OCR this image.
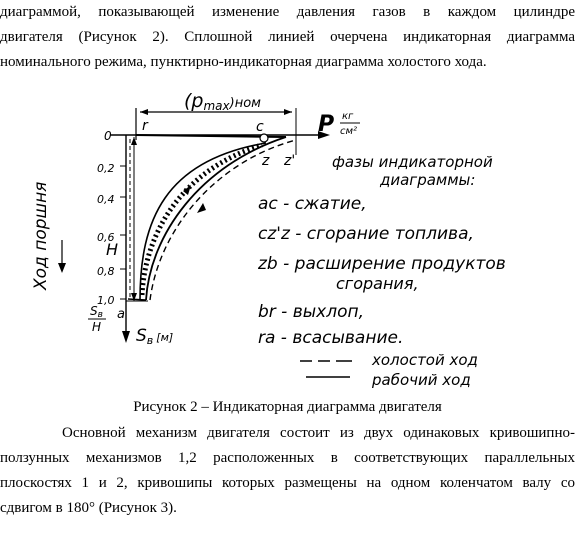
диаграммой, показывающей изменение давления газов в каждом цилиндре
двигателя (Рисунок 2). Сплошной линией очерчена индикаторная диаграмма
номинального режима, пунктирно-индикаторная диаграмма холостого хода.

(pmax)ном
P кг
см²
Sв [м]
Sв
H
0
0,2
0,4
0,6
0,8
1,0
Ход поршня	H
r	c
z z'
a
фазы индикаторной
диаграммы:
ac - сжатие,
cz'z - сгорание топлива,
zb - расширение продуктов
сгорания,
br - выхлоп,
ra - всасывание.
холостой ход
рабочий ход
Рисунок 2 – Индикаторная диаграмма двигателя

Основной механизм двигателя состоит из двух одинаковых кривошипно-
ползунных механизмов 1,2 расположенных в соответствующих параллельных
плоскостях 1 и 2, кривошипы которых размещены на одном коленчатом валу со
сдвигом в 180° (Рисунок 3).
